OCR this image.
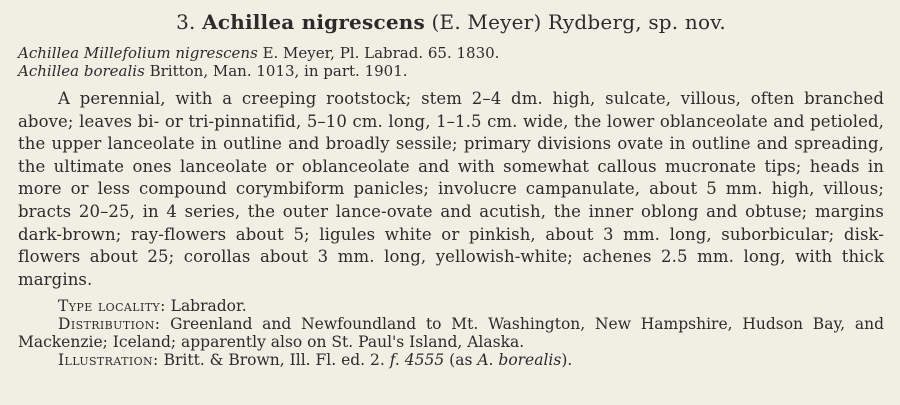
3. Achillea nigrescens (E. Meyer) Rydberg, sp. nov.
Achillea Millefolium nigrescens E. Meyer, Pl. Labrad. 65. 1830.
Achillea borealis Britton, Man. 1013, in part. 1901.

A perennial, with a creeping rootstock; stem 2–4 dm. high, sulcate, villous, often branched above; leaves bi- or tri-pinnatifid, 5–10 cm. long, 1–1.5 cm. wide, the lower oblanceolate and petioled, the upper lanceolate in outline and broadly sessile; primary divisions ovate in outline and spreading, the ultimate ones lanceolate or oblanceolate and with somewhat callous mucronate tips; heads in more or less compound corymbiform panicles; involucre campanulate, about 5 mm. high, villous; bracts 20–25, in 4 series, the outer lance-ovate and acutish, the inner oblong and obtuse; margins dark-brown; ray-flowers about 5; ligules white or pinkish, about 3 mm. long, suborbicular; disk-flowers about 25; corollas about 3 mm. long, yellowish-white; achenes 2.5 mm. long, with thick margins.

Type locality: Labrador.

Distribution: Greenland and Newfoundland to Mt. Washington, New Hampshire, Hudson Bay, and Mackenzie; Iceland; apparently also on St. Paul's Island, Alaska.

Illustration: Britt. & Brown, Ill. Fl. ed. 2. f. 4555 (as A. borealis).
